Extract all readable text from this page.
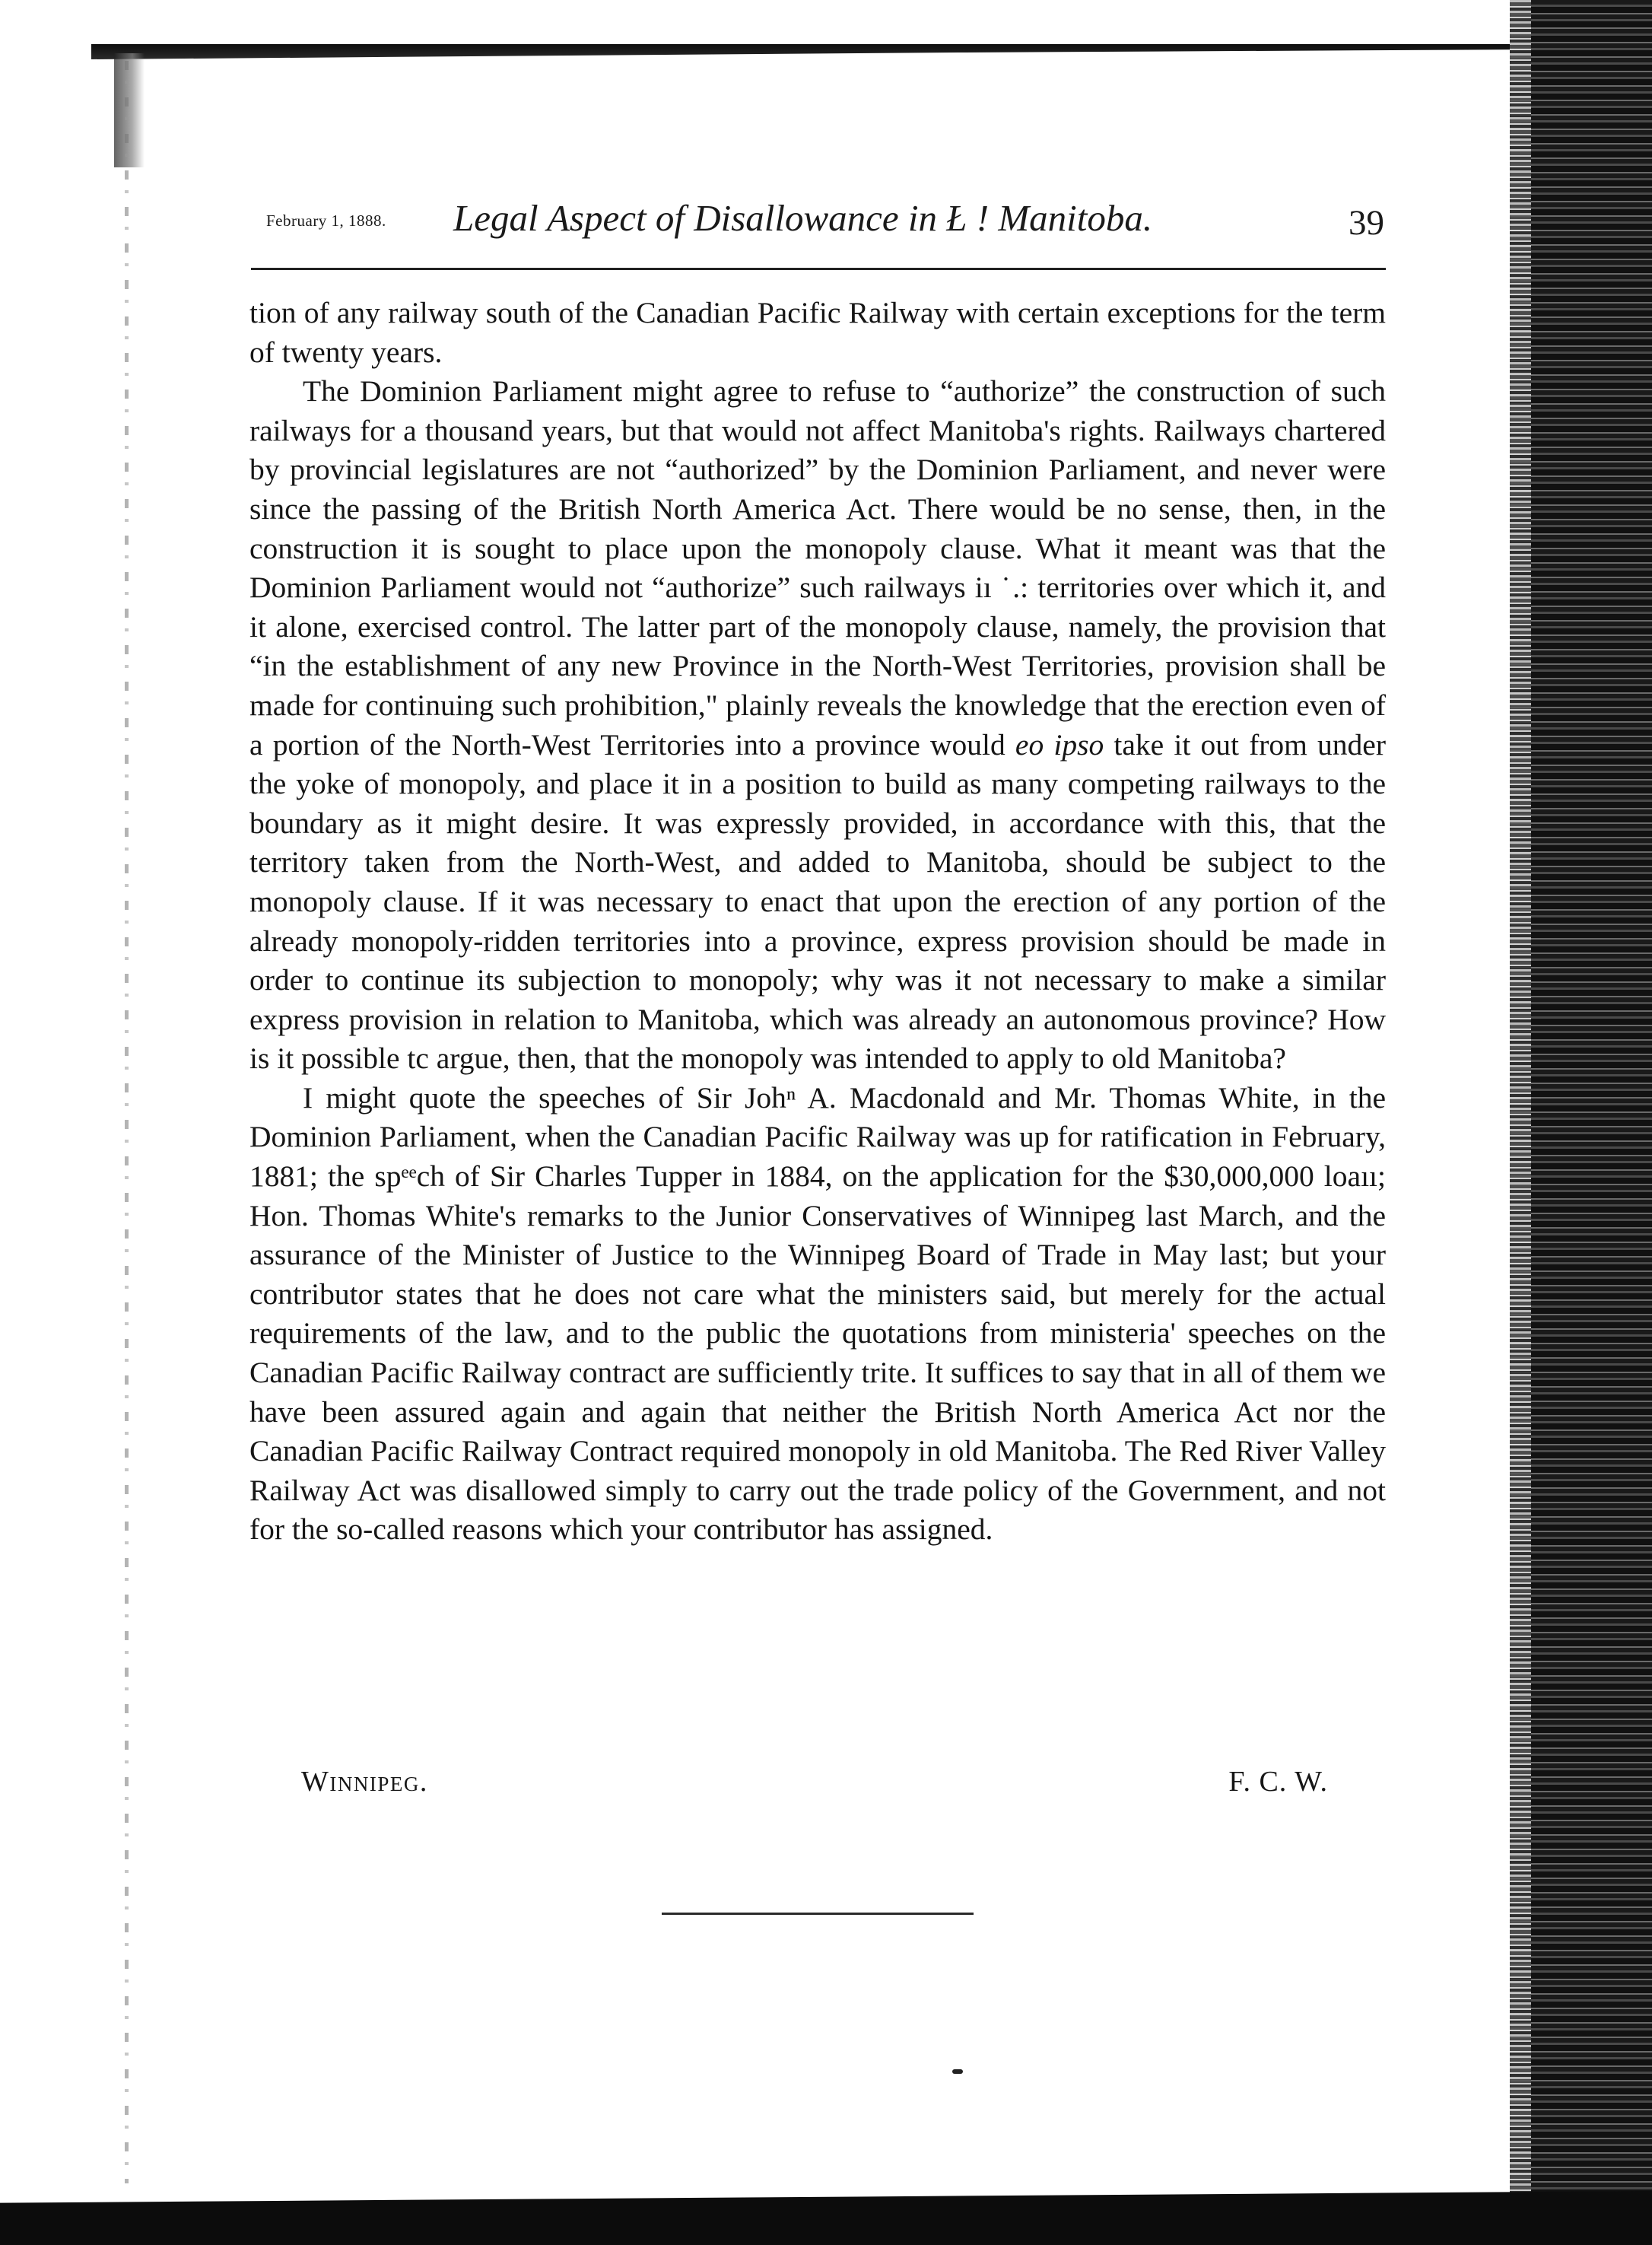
February 1, 1888. Legal Aspect of Disallowance in Ł ! Manitoba.	39

tion of any railway south of the Canadian Pacific Railway with certain exceptions for the term of twenty years.

The Dominion Parliament might agree to refuse to “authorize” the construction of such railways for a thousand years, but that would not affect Manitoba's rights. Railways chartered by provincial legislatures are not “authorized” by the Dominion Parliament, and never were since the passing of the British North America Act. There would be no sense, then, in the construction it is sought to place upon the monopoly clause. What it meant was that the Dominion Parliament would not “authorize” such railways iı ˙.: territories over which it, and it alone, exercised control. The latter part of the monopoly clause, namely, the provision that “in the establishment of any new Province in the North-West Territories, provision shall be made for continuing such prohibition," plainly reveals the knowledge that the erection even of a portion of the North-West Territories into a province would eo ipso take it out from under the yoke of monopoly, and place it in a position to build as many competing railways to the boundary as it might desire. It was expressly provided, in accordance with this, that the territory taken from the North-West, and added to Manitoba, should be subject to the monopoly clause. If it was necessary to enact that upon the erection of any portion of the already monopoly-ridden territories into a province, express provision should be made in order to continue its subjection to monopoly; why was it not necessary to make a similar express provision in relation to Manitoba, which was already an autonomous province? How is it possible tc argue, then, that the monopoly was intended to apply to old Manitoba?

I might quote the speeches of Sir Johⁿ A. Macdonald and Mr. Thomas White, in the Dominion Parliament, when the Canadian Pacific Railway was up for ratification in February, 1881; the spᵉᵉch of Sir Charles Tupper in 1884, on the application for the $30,000,000 loaıı; Hon. Thomas White's remarks to the Junior Conservatives of Winnipeg last March, and the assurance of the Minister of Justice to the Winnipeg Board of Trade in May last; but your contributor states that he does not care what the ministers said, but merely for the actual requirements of the law, and to the public the quotations from ministeria' speeches on the Canadian Pacific Railway contract are sufficiently trite. It suffices to say that in all of them we have been assured again and again that neither the British North America Act nor the Canadian Pacific Railway Contract required monopoly in old Manitoba. The Red River Valley Railway Act was disallowed simply to carry out the trade policy of the Government, and not for the so-called reasons which your contributor has assigned.

Winnipeg.	F. C. W.
